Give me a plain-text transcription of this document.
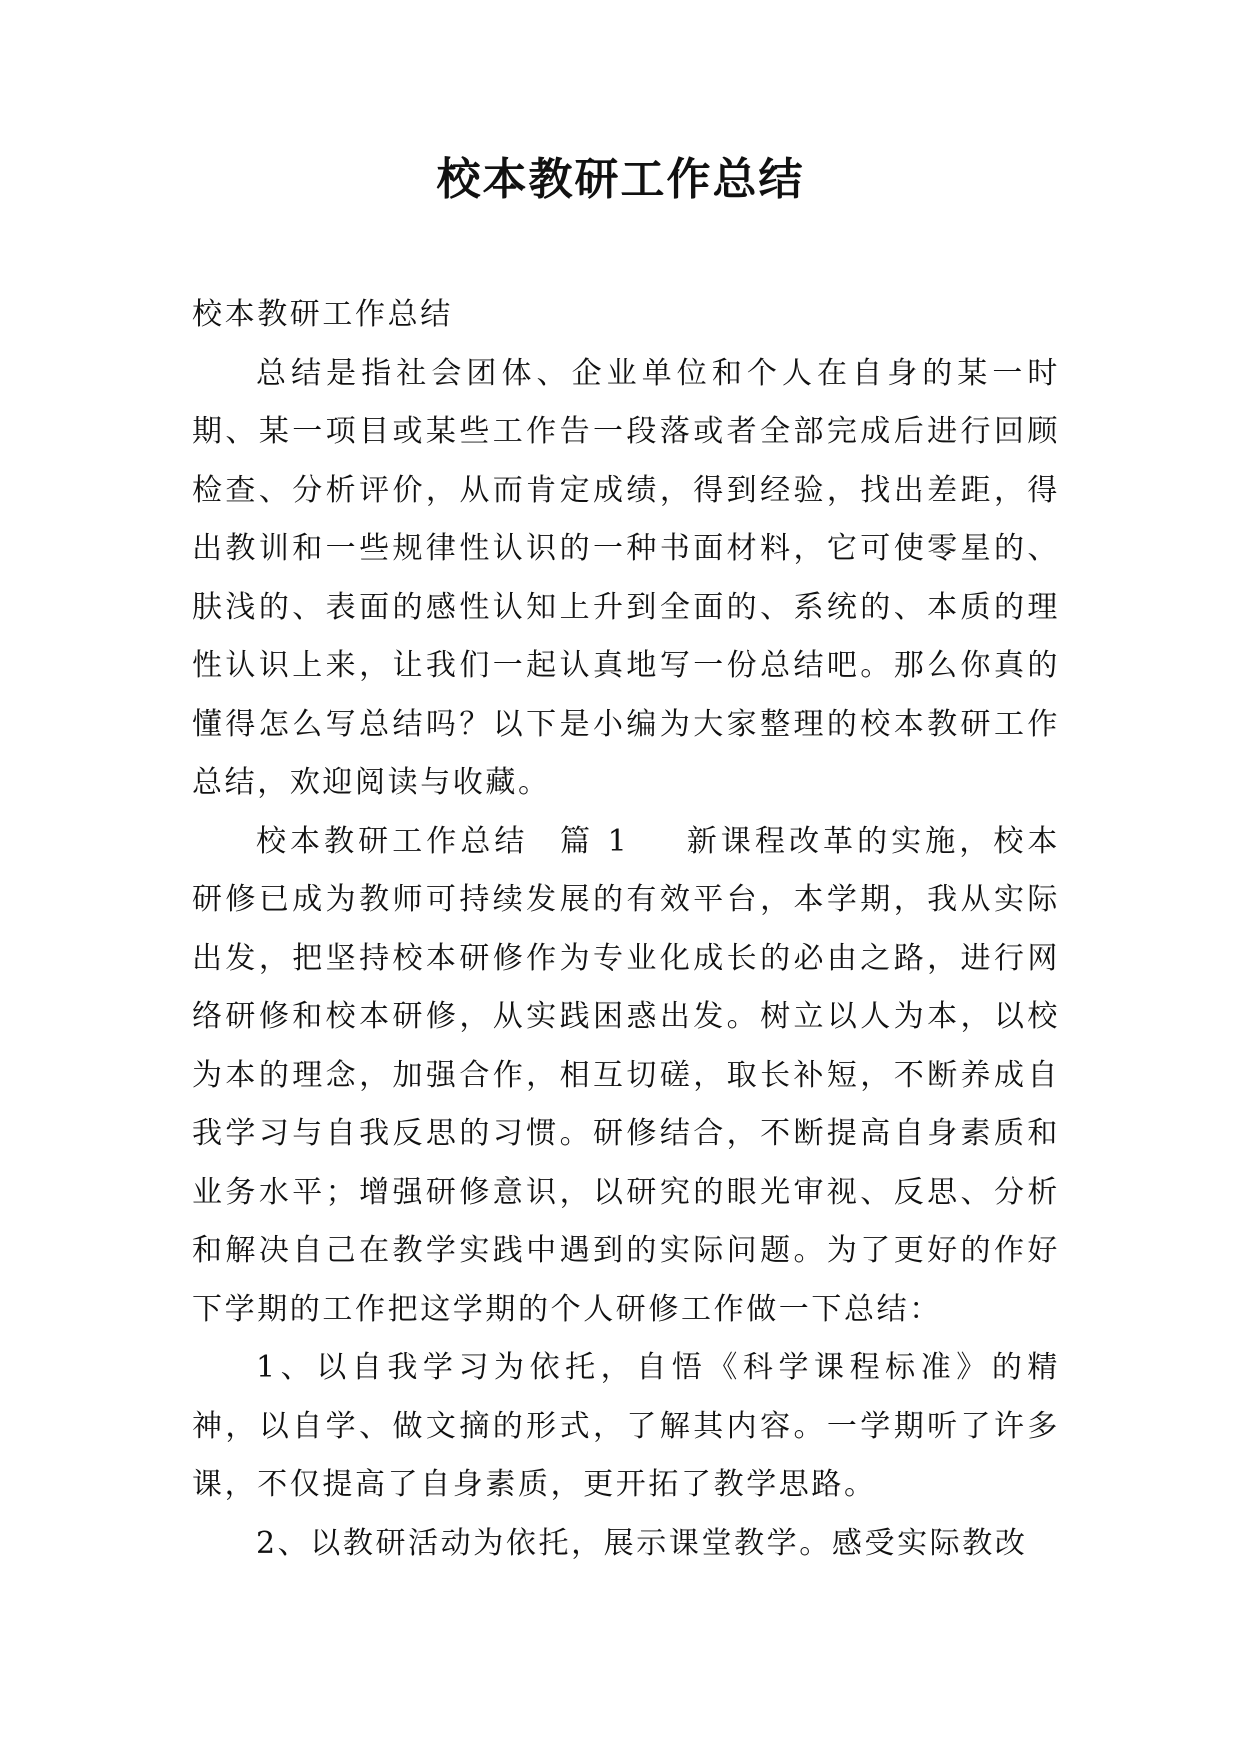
校本教研工作总结

校本教研工作总结

总结是指社会团体、企业单位和个人在自身的某一时期、某一项目或某些工作告一段落或者全部完成后进行回顾检查、分析评价，从而肯定成绩，得到经验，找出差距，得出教训和一些规律性认识的一种书面材料，它可使零星的、肤浅的、表面的感性认知上升到全面的、系统的、本质的理性认识上来，让我们一起认真地写一份总结吧。那么你真的懂得怎么写总结吗？以下是小编为大家整理的校本教研工作总结，欢迎阅读与收藏。

校本教研工作总结 篇 1 新课程改革的实施，校本研修已成为教师可持续发展的有效平台，本学期，我从实际出发，把坚持校本研修作为专业化成长的必由之路，进行网络研修和校本研修，从实践困惑出发。树立以人为本，以校为本的理念，加强合作，相互切磋，取长补短，不断养成自我学习与自我反思的习惯。研修结合，不断提高自身素质和业务水平；增强研修意识，以研究的眼光审视、反思、分析和解决自己在教学实践中遇到的实际问题。为了更好的作好下学期的工作把这学期的个人研修工作做一下总结：

1、以自我学习为依托，自悟《科学课程标准》的精神，以自学、做文摘的形式，了解其内容。一学期听了许多课，不仅提高了自身素质，更开拓了教学思路。

2、以教研活动为依托，展示课堂教学。感受实际教改
